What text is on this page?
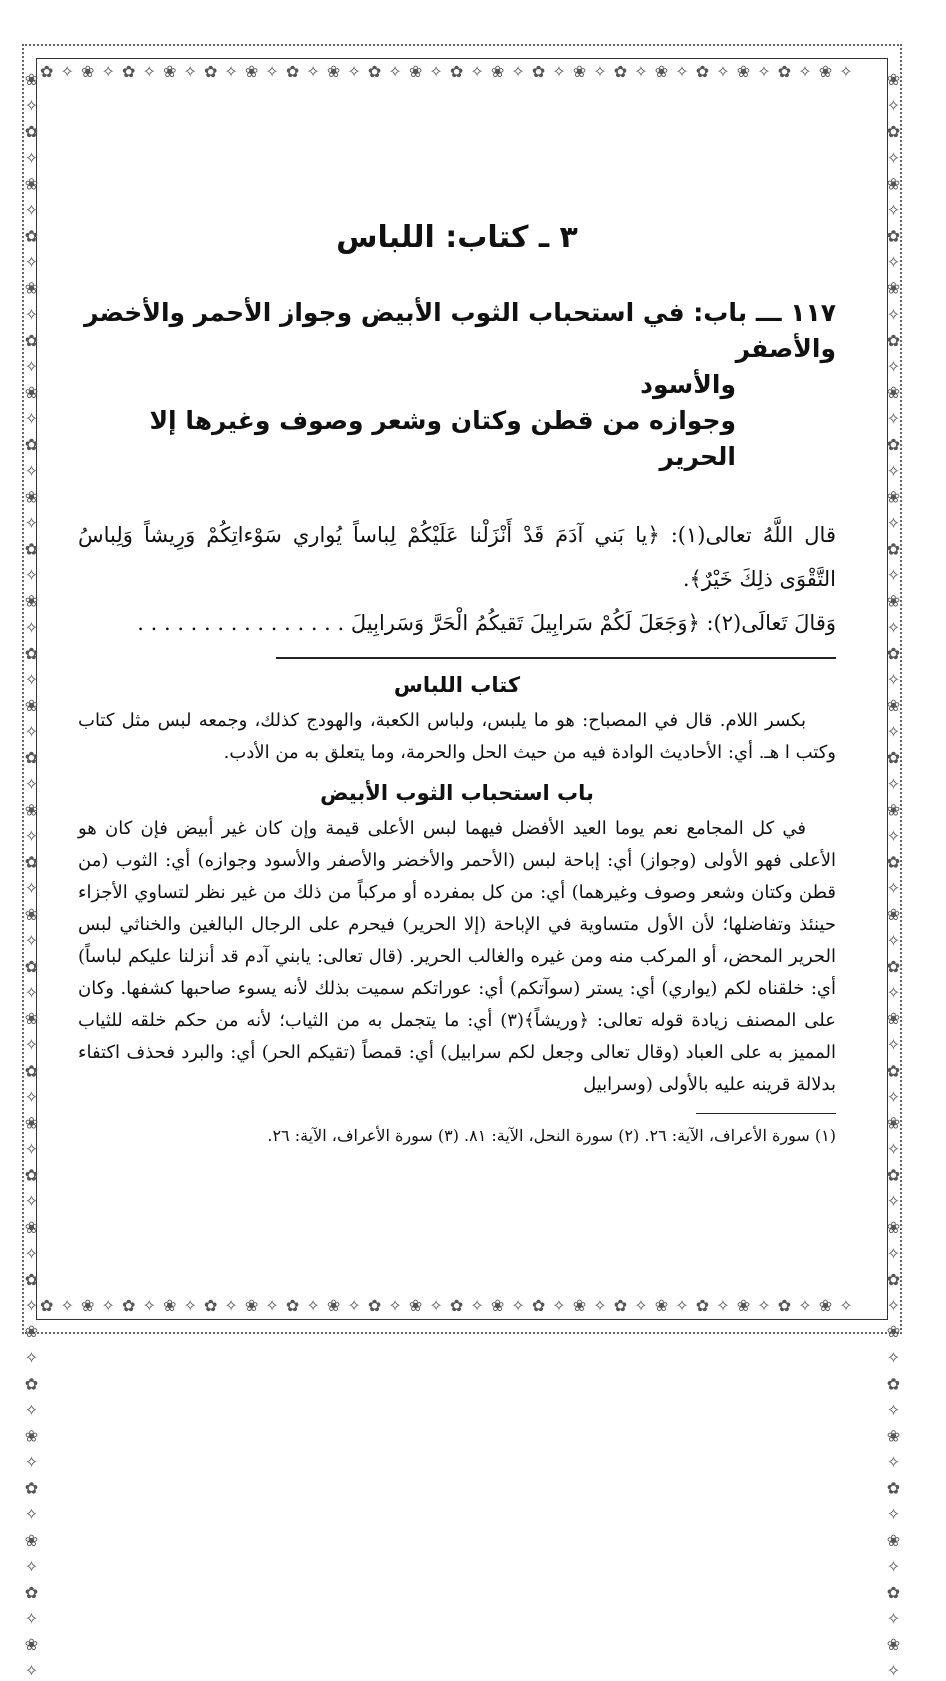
✿ ✧ ❀ ✧ ✿ ✧ ❀ ✧ ✿ ✧ ❀ ✧ ✿ ✧ ❀ ✧ ✿ ✧ ❀ ✧ ✿ ✧ ❀ ✧ ✿ ✧ ❀ ✧ ✿ ✧ ❀ ✧ ✿ ✧ ❀ ✧ ✿ ✧ ❀ ✧
✿ ✧ ❀ ✧ ✿ ✧ ❀ ✧ ✿ ✧ ❀ ✧ ✿ ✧ ❀ ✧ ✿ ✧ ❀ ✧ ✿ ✧ ❀ ✧ ✿ ✧ ❀ ✧ ✿ ✧ ❀ ✧ ✿ ✧ ❀ ✧ ✿ ✧ ❀ ✧
❀ ✧ ✿ ✧ ❀ ✧ ✿ ✧ ❀ ✧ ✿ ✧ ❀ ✧ ✿ ✧ ❀ ✧ ✿ ✧ ❀ ✧ ✿ ✧ ❀ ✧ ✿ ✧ ❀ ✧ ✿ ✧ ❀ ✧ ✿ ✧ ❀ ✧ ✿ ✧ ❀ ✧ ✿ ✧ ❀ ✧ ✿ ✧ ❀ ✧ ✿ ✧ ❀ ✧ ✿ ✧ ❀ ✧ ✿ ✧ ❀ ✧	❀ ✧ ✿ ✧ ❀ ✧ ✿ ✧ ❀ ✧ ✿ ✧ ❀ ✧ ✿ ✧ ❀ ✧ ✿ ✧ ❀ ✧ ✿ ✧ ❀ ✧ ✿ ✧ ❀ ✧ ✿ ✧ ❀ ✧ ✿ ✧ ❀ ✧ ✿ ✧ ❀ ✧ ✿ ✧ ❀ ✧ ✿ ✧ ❀ ✧ ✿ ✧ ❀ ✧ ✿ ✧ ❀ ✧ ✿ ✧ ❀ ✧
٣ ـ كتاب: اللباس
١١٧ ـــ باب: في استحباب الثوب الأبيض وجواز الأحمر والأخضر والأصفر
والأسود
وجوازه من قطن وكتان وشعر وصوف وغيرها إلا الحرير

قال اللَّهُ تعالى(١): ﴿يا بَني آدَمَ قَدْ أَنْزَلْنا عَلَيْكُمْ لِباساً يُواري سَوْءاتِكُمْ وَرِيشاً وَلِباسُ التَّقْوَى ذلِكَ خَيْرٌ﴾.

وَقالَ تَعالَى(٢): ﴿وَجَعَلَ لَكُمْ سَرابِيلَ تَقيكُمُ الْحَرَّ وَسَرابِيلَ . . . . . . . . . . . . . . . .

كتاب اللباس

بكسر اللام. قال في المصباح: هو ما يلبس، ولباس الكعبة، والهودج كذلك، وجمعه لبس مثل كتاب وكتب ا هـ. أي: الأحاديث الوادة فيه من حيث الحل والحرمة، وما يتعلق به من الأدب.

باب استحباب الثوب الأبيض

في كل المجامع نعم يوما العيد الأفضل فيهما لبس الأعلى قيمة وإن كان غير أبيض فإن كان هو الأعلى فهو الأولى (وجواز) أي: إباحة لبس (الأحمر والأخضر والأصفر والأسود وجوازه) أي: الثوب (من قطن وكتان وشعر وصوف وغيرهما) أي: من كل بمفرده أو مركباً من ذلك من غير نظر لتساوي الأجزاء حينئذ وتفاضلها؛ لأن الأول متساوية في الإباحة (إلا الحرير) فيحرم على الرجال البالغين والخناثي لبس الحرير المحض، أو المركب منه ومن غيره والغالب الحرير. (قال تعالى: يابني آدم قد أنزلنا عليكم لباساً) أي: خلقناه لكم (يواري) أي: يستر (سوآتكم) أي: عوراتكم سميت بذلك لأنه يسوء صاحبها كشفها. وكان على المصنف زيادة قوله تعالى: ﴿وريشاً﴾(٣) أي: ما يتجمل به من الثياب؛ لأنه من حكم خلقه للثياب المميز به على العباد (وقال تعالى وجعل لكم سرابيل) أي: قمصاً (تقيكم الحر) أي: والبرد فحذف اكتفاء بدلالة قرينه عليه بالأولى (وسرابيل

(١) سورة الأعراف، الآية: ٢٦. (٢) سورة النحل، الآية: ٨١. (٣) سورة الأعراف، الآية: ٢٦.
